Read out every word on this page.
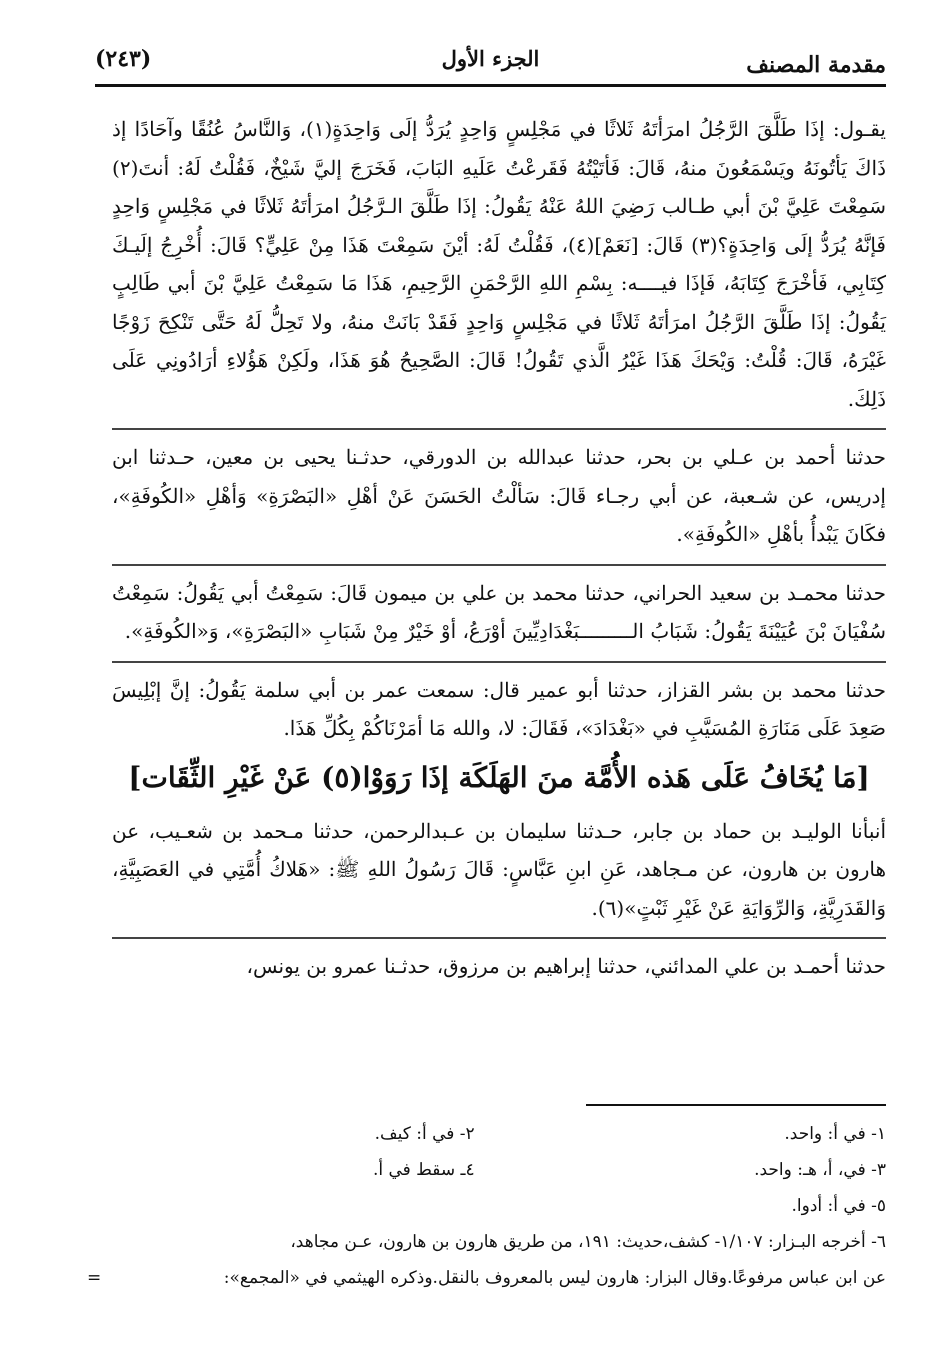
مقدمة المصنف
الجزء الأول
(٢٤٣)

يقـول: إذَا طَلَّقَ الرَّجُلُ امرَأتَهُ ثَلاثًا في مَجْلِسٍ وَاحِدٍ يُرَدُّ إلَى وَاحِدَةٍ(١)، وَالنَّاسُ عُنُقًا وآحَادًا إذ ذَاكَ يَأتُونَهُ ويَسْمَعُونَ منهُ، قَالَ: فَأتَيْتُهُ فَقَرعْتُ عَلَيهِ البَابَ، فَخَرَجَ إليَّ شَيْخٌ، فَقُلْتُ لَهُ: أنتَ(٢) سَمِعْتَ عَلِيَّ بْنَ أبي طـالب رَضِيَ اللهُ عَنْهُ يَقُولُ: إذَا طَلَّقَ الـرَّجُلُ امرَأتَهُ ثَلاثًا في مَجْلِسٍ وَاحِدٍ فَإنَّهُ يُرَدُّ إلَى وَاحِدَةٍ؟(٣) قَالَ: [نَعَمْ](٤)، فَقُلْتُ لَهُ: أيْنَ سَمِعْتَ هَذَا مِنْ عَلِيٍّ؟ قَالَ: أُخْرِجُ إلَيـكَ كِتَابِي، فَأخْرَجَ كِتَابَهُ، فَإذَا فيــــه: بِسْمِ اللهِ الرَّحْمَنِ الرَّحِيمِ، هَذَا مَا سَمِعْتُ عَلِيَّ بْنَ أبي طَالِبٍ يَقُولُ: إذَا طَلَّقَ الرَّجُلُ امرَأتَهُ ثَلاثًا في مَجْلِسٍ وَاحِدٍ فَقَدْ بَانَتْ منهُ، ولا تَحِلُّ لَهُ حَتَّى تَنْكِحَ زَوْجًا غَيْرَهُ، قَالَ: قُلْتُ: وَيْحَكَ هَذَا غَيْرُ الَّذي تَقُولُ! قَالَ: الصَّحِيحُ هُوَ هَذَا، ولَكِنْ هَؤُلاءِ أرَادُونِي عَلَى ذَلِكَ.

حدثنا أحمد بن عـلي بن بحر، حدثنا عبدالله بن الدورقي، حدثـنا يحيى بن معين، حـدثنا ابن إدريس، عن شـعبة، عن أبي رجـاء قَالَ: سَألْتُ الحَسَنَ عَنْ أهْلِ «البَصْرَةِ» وَأهْلِ «الكُوفَةِ»، فكَانَ يَبْدأُ بأهْلِ «الكُوفَةِ».

حدثنا محمـد بن سعيد الحراني، حدثنا محمد بن علي بن ميمون قَالَ: سَمِعْتُ أبي يَقُولُ: سَمِعْتُ سُفْيَانَ بْنَ عُيَيْنَةَ يَقُولُ: شَبَابُ الـــــــــبَغْدَادِيِّينَ أوْرَعُ، أوْ خَيْرٌ مِنْ شَبَابِ «البَصْرَةِ»، وَ«الكُوفَةِ».

حدثنا محمد بن بشر القزاز، حدثنا أبو عمير قال: سمعت عمر بن أبي سلمة يَقُولُ: إنَّ إبْلِيسَ صَعِدَ عَلَى مَنَارَةِ المُسَيَّبِ في «بَغْدَادَ»، فَقَالَ: لا، والله مَا أمَرْنَاكُمْ بِكُلِّ هَذَا.

[مَا يُخَافُ عَلَى هَذه الأُمَّة منَ الهَلَكَة إذَا رَوَوْا(٥) عَنْ غَيْرِ الثِّقَات]

أنبأنا الوليـد بن حماد بن جابر، حـدثنا سليمان بن عـبدالرحمن، حدثنا مـحمد بن شعـيب، عن هارون بن هارون، عن مـجاهد، عَنِ ابنِ عَبَّاسٍ: قَالَ رَسُولُ اللهِ ﷺ: «هَلاكُ أُمَّتِي في العَصَبِيَّةِ، وَالقَدَرِيَّةِ، وَالرِّوَايَةِ عَنْ غَيْرِ ثَبْتٍ»(٦).

حدثنا أحمـد بن علي المدائني، حدثنا إبراهيم بن مرزوق، حدثـنا عمرو بن يونس،

١- في أ: واحد.
٢- في أ: كيف.
٣- في، أ، هـ: واحد.
٤ـ سقط في أ.
٥- في أ: أدوا.
٦- أخرجه البـزار: ١/١٠٧- كشف،حديث: ١٩١، من طريق هارون بن هارون، عـن مجاهد،
عن ابن عباس مرفوعًا.وقال البزار: هارون ليس بالمعروف بالنقل.وذكره الهيثمي في «المجمع»:
=
